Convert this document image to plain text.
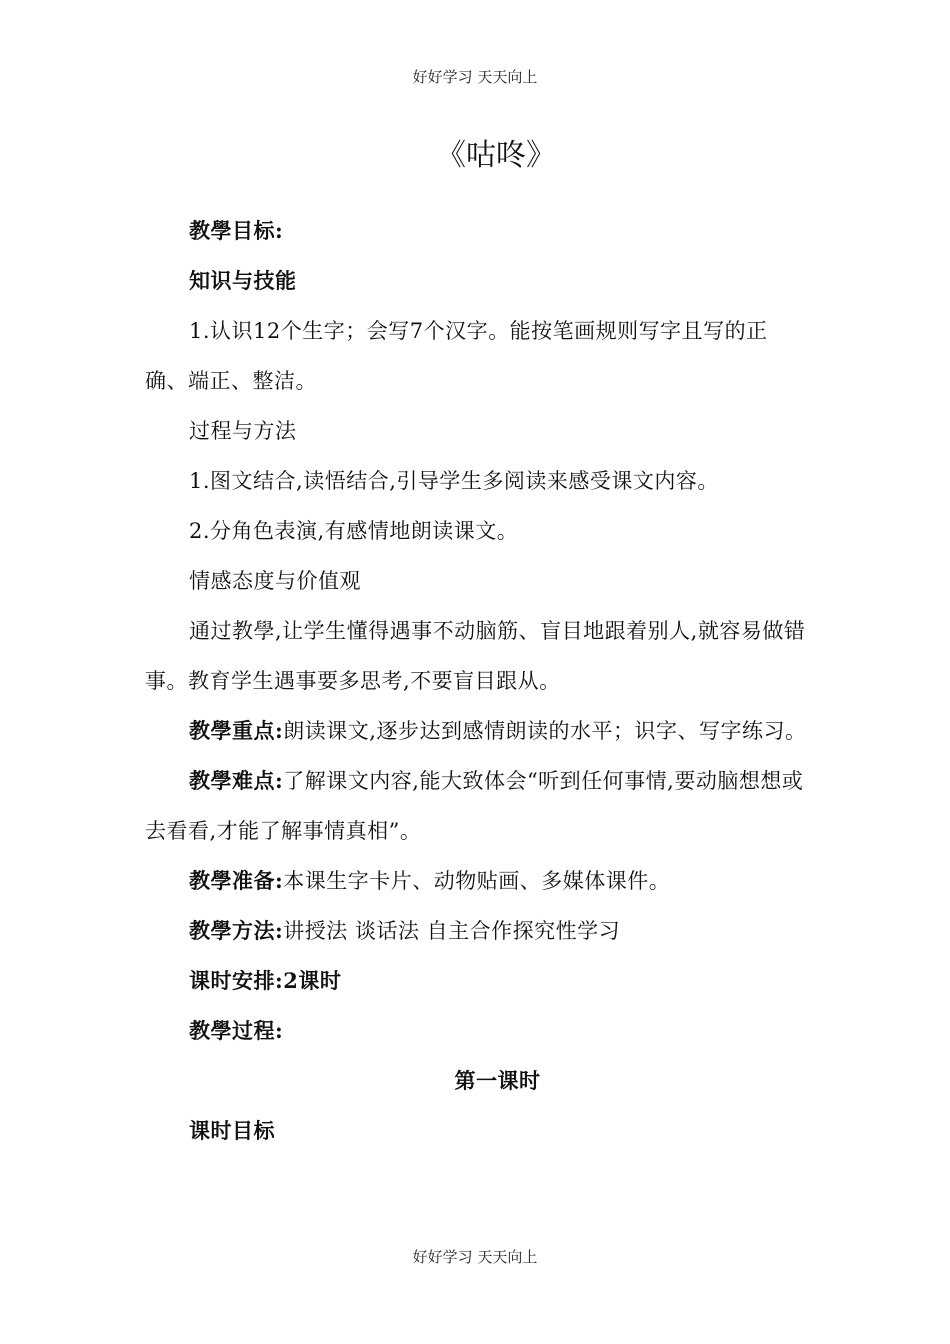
好好学习 天天向上
《咕咚》

教學目标:

知识与技能

1.认识12个生字；会写7个汉字。能按笔画规则写字且写的正确、端正、整洁。

过程与方法

1.图文结合,读悟结合,引导学生多阅读来感受课文内容。

2.分角色表演,有感情地朗读课文。

情感态度与价值观

通过教學,让学生懂得遇事不动脑筋、盲目地跟着别人,就容易做错事。教育学生遇事要多思考,不要盲目跟从。

教學重点:朗读课文,逐步达到感情朗读的水平；识字、写字练习。

教學难点:了解课文内容,能大致体会“听到任何事情,要动脑想想或去看看,才能了解事情真相”。

教學准备:本课生字卡片、动物贴画、多媒体课件。

教學方法:讲授法 谈话法 自主合作探究性学习

课时安排:2课时

教學过程:

第一课时

课时目标

好好学习 天天向上
